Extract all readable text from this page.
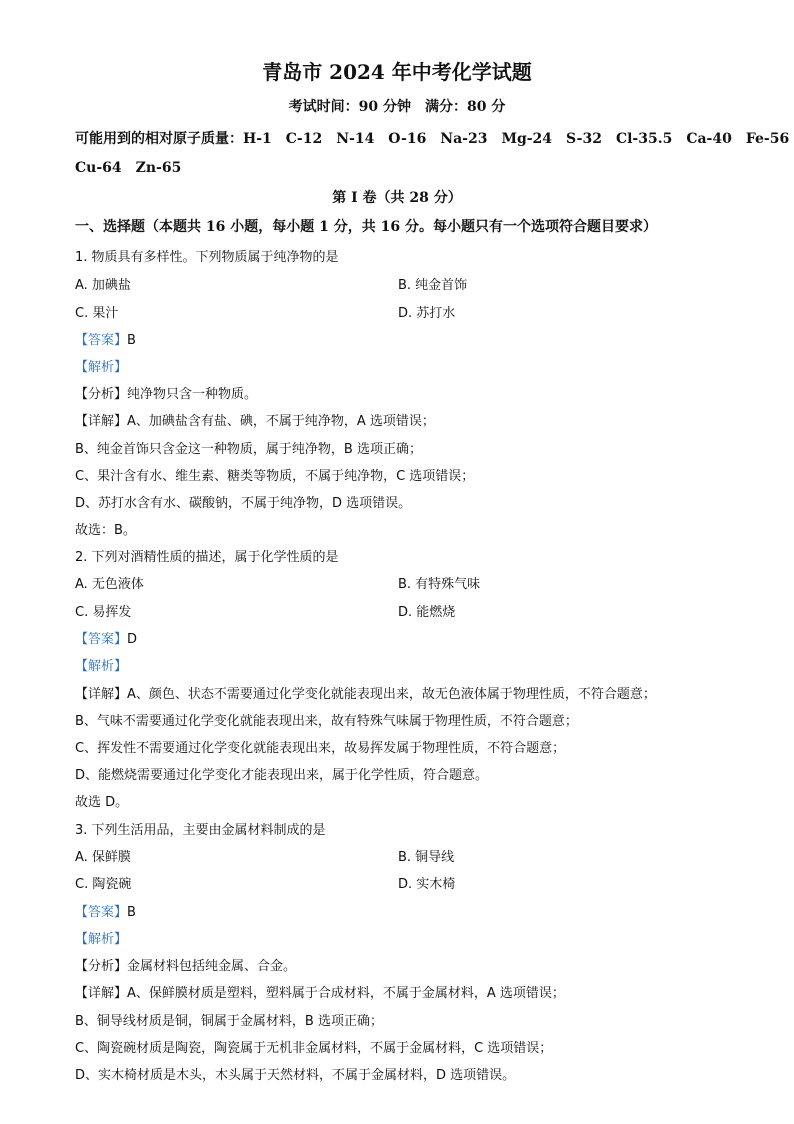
青岛市 2024 年中考化学试题
考试时间：90 分钟　满分：80 分
可能用到的相对原子质量：H-1　C-12　N-14　O-16　Na-23　Mg-24　S-32　Cl-35.5　Ca-40　Fe-56
Cu-64　Zn-65
第 I 卷（共 28 分）
一、选择题（本题共 16 小题，每小题 1 分，共 16 分。每小题只有一个选项符合题目要求）
1. 物质具有多样性。下列物质属于纯净物的是
A. 加碘盐	B. 纯金首饰
C. 果汁	D. 苏打水
【答案】B
【解析】
【分析】纯净物只含一种物质。
【详解】A、加碘盐含有盐、碘，不属于纯净物，A 选项错误；
B、纯金首饰只含金这一种物质，属于纯净物，B 选项正确；
C、果汁含有水、维生素、糖类等物质，不属于纯净物，C 选项错误；
D、苏打水含有水、碳酸钠，不属于纯净物，D 选项错误。
故选：B。
2. 下列对酒精性质的描述，属于化学性质的是
A. 无色液体	B. 有特殊气味
C. 易挥发	D. 能燃烧
【答案】D
【解析】
【详解】A、颜色、状态不需要通过化学变化就能表现出来，故无色液体属于物理性质，不符合题意；
B、气味不需要通过化学变化就能表现出来，故有特殊气味属于物理性质，不符合题意；
C、挥发性不需要通过化学变化就能表现出来，故易挥发属于物理性质，不符合题意；
D、能燃烧需要通过化学变化才能表现出来，属于化学性质，符合题意。
故选 D。
3. 下列生活用品，主要由金属材料制成的是
A. 保鲜膜	B. 铜导线
C. 陶瓷碗	D. 实木椅
【答案】B
【解析】
【分析】金属材料包括纯金属、合金。
【详解】A、保鲜膜材质是塑料，塑料属于合成材料，不属于金属材料，A 选项错误；
B、铜导线材质是铜，铜属于金属材料，B 选项正确；
C、陶瓷碗材质是陶瓷，陶瓷属于无机非金属材料，不属于金属材料，C 选项错误；
D、实木椅材质是木头，木头属于天然材料，不属于金属材料，D 选项错误。
